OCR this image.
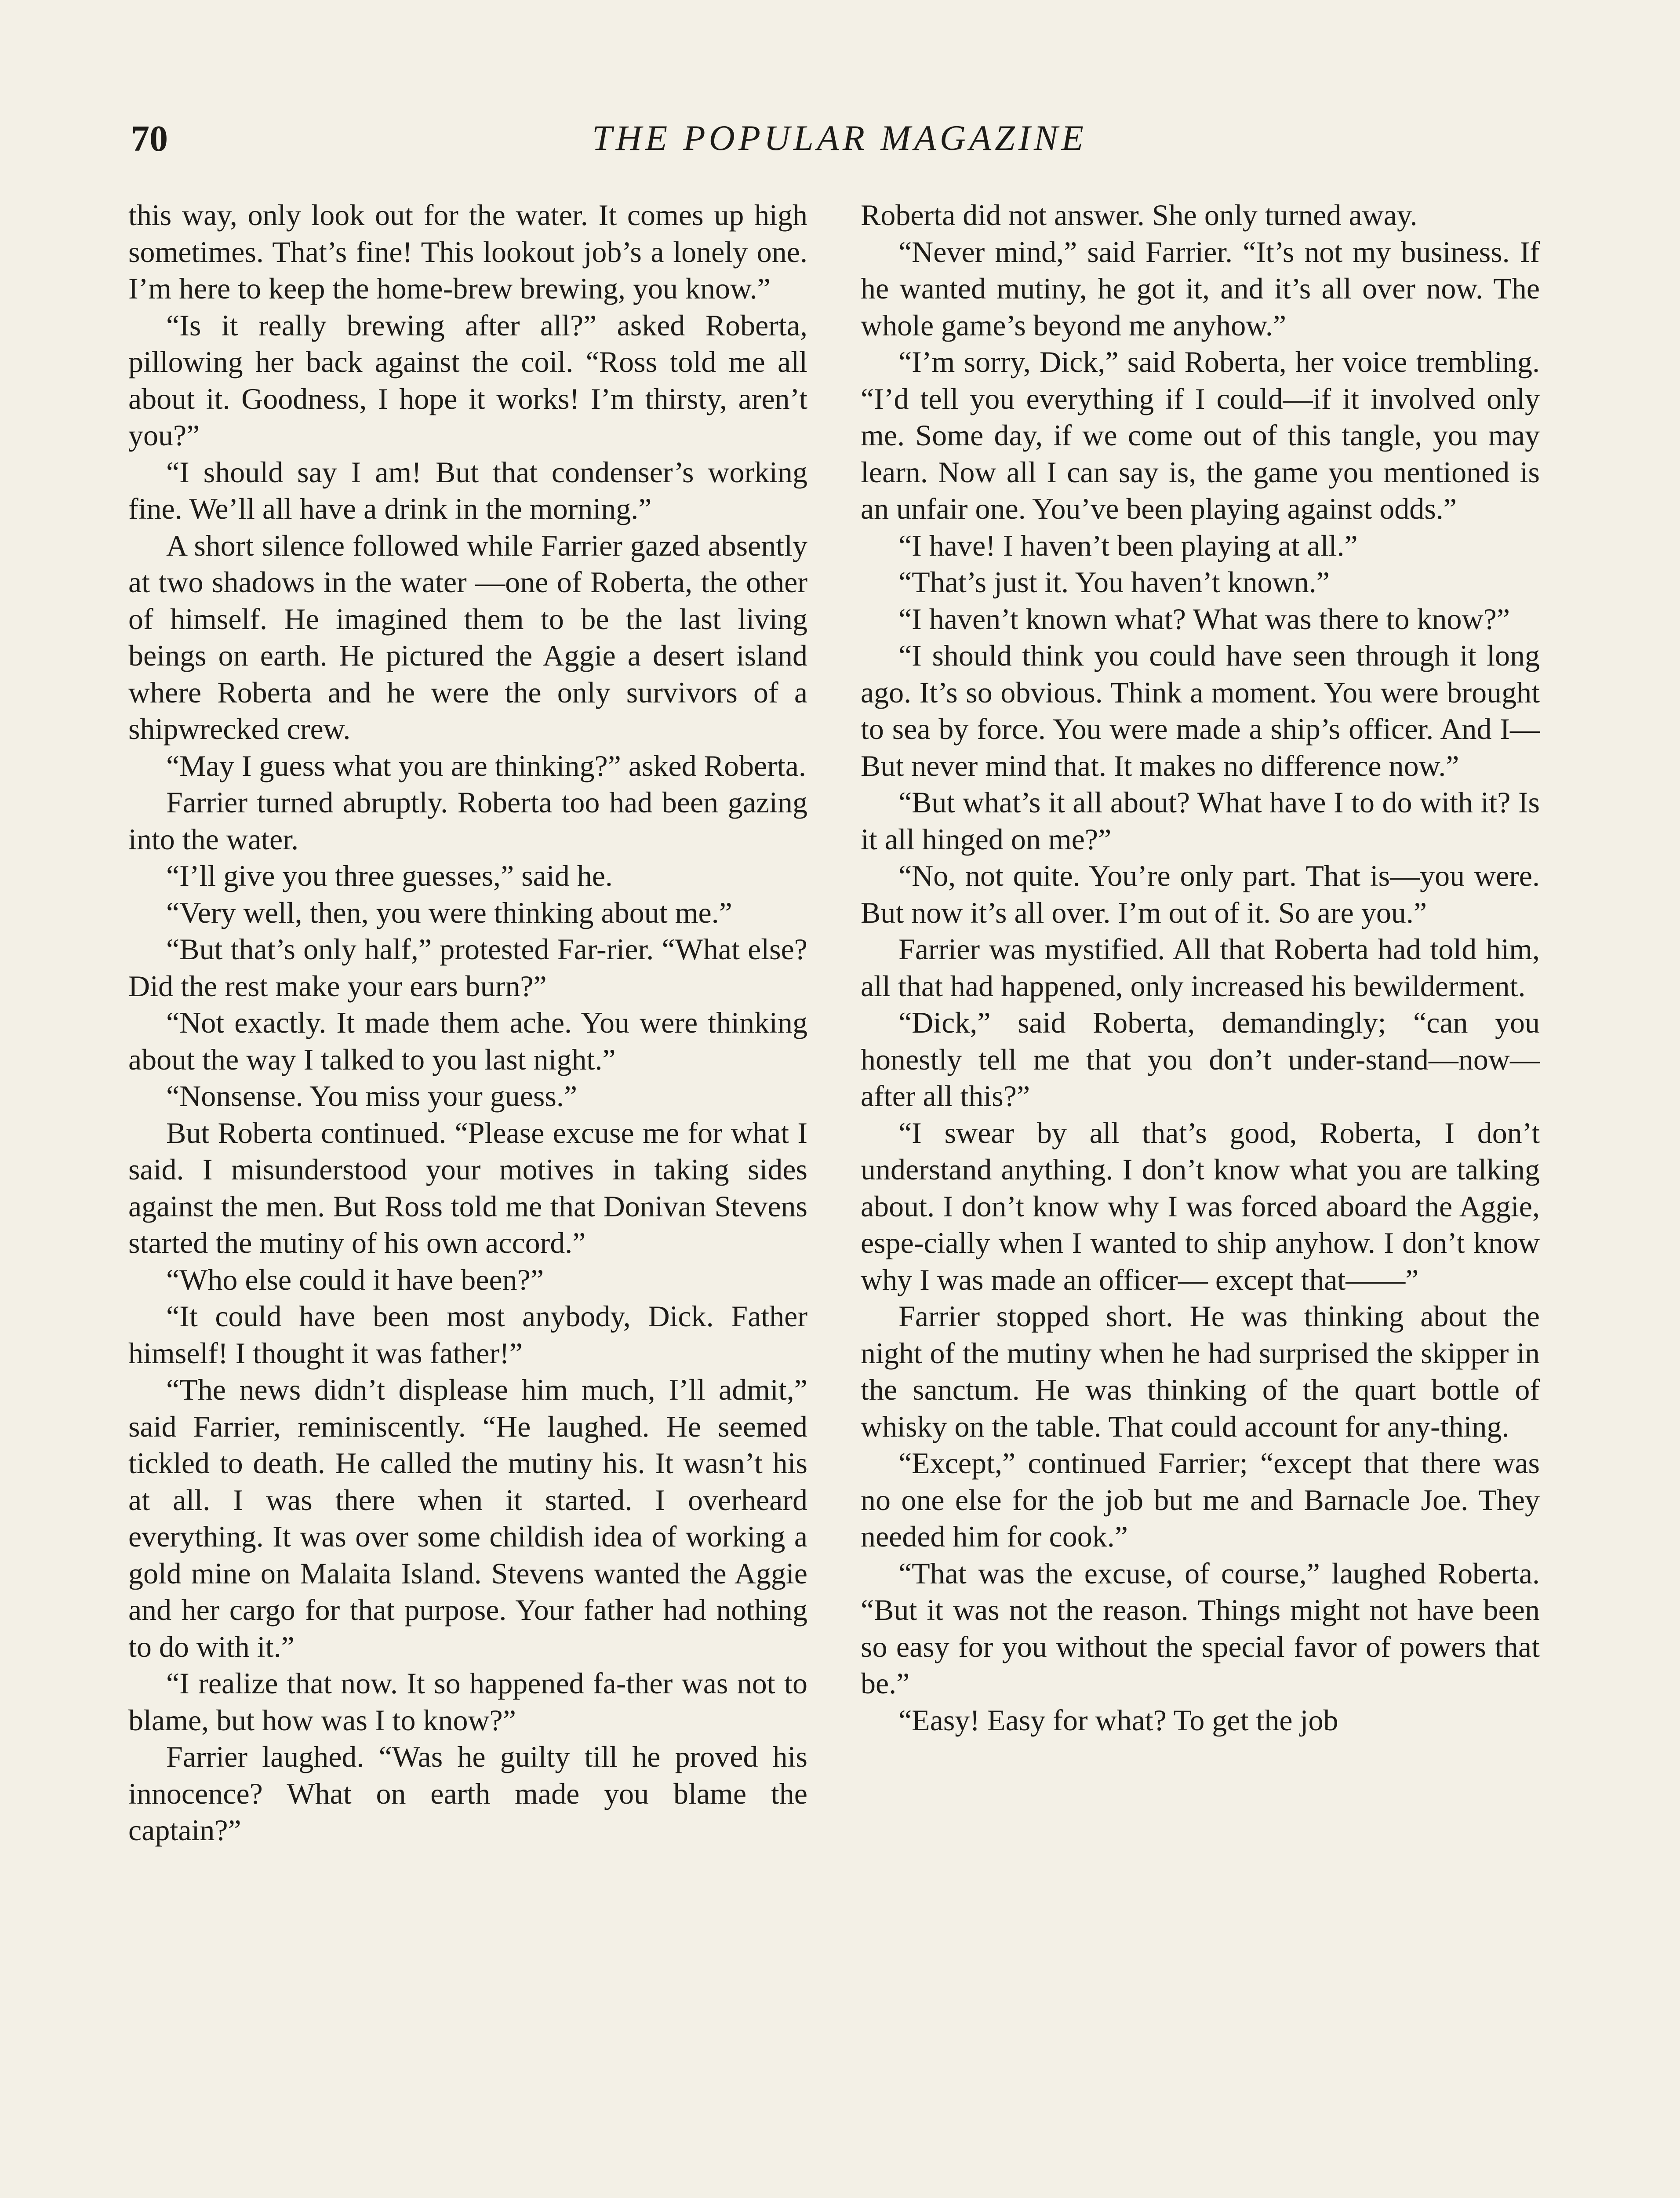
70	THE POPULAR MAGAZINE

this way, only look out for the water. It comes up high sometimes. That’s fine! This lookout job’s a lonely one. I’m here to keep the home-brew brewing, you know.”

“Is it really brewing after all?” asked Roberta, pillowing her back against the coil. “Ross told me all about it. Goodness, I hope it works! I’m thirsty, aren’t you?”

“I should say I am! But that condenser’s working fine. We’ll all have a drink in the morning.”

A short silence followed while Farrier gazed absently at two shadows in the water —one of Roberta, the other of himself. He imagined them to be the last living beings on earth. He pictured the Aggie a desert island where Roberta and he were the only survivors of a shipwrecked crew.

“May I guess what you are thinking?” asked Roberta.

Farrier turned abruptly. Roberta too had been gazing into the water.

“I’ll give you three guesses,” said he.

“Very well, then, you were thinking about me.”

“But that’s only half,” protested Far-rier. “What else? Did the rest make your ears burn?”

“Not exactly. It made them ache. You were thinking about the way I talked to you last night.”

“Nonsense. You miss your guess.”

But Roberta continued. “Please excuse me for what I said. I misunderstood your motives in taking sides against the men. But Ross told me that Donivan Stevens started the mutiny of his own accord.”

“Who else could it have been?”

“It could have been most anybody, Dick. Father himself! I thought it was father!”

“The news didn’t displease him much, I’ll admit,” said Farrier, reminiscently. “He laughed. He seemed tickled to death. He called the mutiny his. It wasn’t his at all. I was there when it started. I overheard everything. It was over some childish idea of working a gold mine on Malaita Island. Stevens wanted the Aggie and her cargo for that purpose. Your father had nothing to do with it.”

“I realize that now. It so happened fa-ther was not to blame, but how was I to know?”

Farrier laughed. “Was he guilty till he proved his innocence? What on earth made you blame the captain?”

Roberta did not answer. She only turned away.

“Never mind,” said Farrier. “It’s not my business. If he wanted mutiny, he got it, and it’s all over now. The whole game’s beyond me anyhow.”

“I’m sorry, Dick,” said Roberta, her voice trembling. “I’d tell you everything if I could—if it involved only me. Some day, if we come out of this tangle, you may learn. Now all I can say is, the game you mentioned is an unfair one. You’ve been playing against odds.”

“I have! I haven’t been playing at all.”

“That’s just it. You haven’t known.”

“I haven’t known what? What was there to know?”

“I should think you could have seen through it long ago. It’s so obvious. Think a moment. You were brought to sea by force. You were made a ship’s officer. And I— But never mind that. It makes no difference now.”

“But what’s it all about? What have I to do with it? Is it all hinged on me?”

“No, not quite. You’re only part. That is—you were. But now it’s all over. I’m out of it. So are you.”

Farrier was mystified. All that Roberta had told him, all that had happened, only increased his bewilderment.

“Dick,” said Roberta, demandingly; “can you honestly tell me that you don’t under-stand—now—after all this?”

“I swear by all that’s good, Roberta, I don’t understand anything. I don’t know what you are talking about. I don’t know why I was forced aboard the Aggie, espe-cially when I wanted to ship anyhow. I don’t know why I was made an officer— except that——”

Farrier stopped short. He was thinking about the night of the mutiny when he had surprised the skipper in the sanctum. He was thinking of the quart bottle of whisky on the table. That could account for any-thing.

“Except,” continued Farrier; “except that there was no one else for the job but me and Barnacle Joe. They needed him for cook.”

“That was the excuse, of course,” laughed Roberta. “But it was not the reason. Things might not have been so easy for you without the special favor of powers that be.”

“Easy! Easy for what? To get the job
